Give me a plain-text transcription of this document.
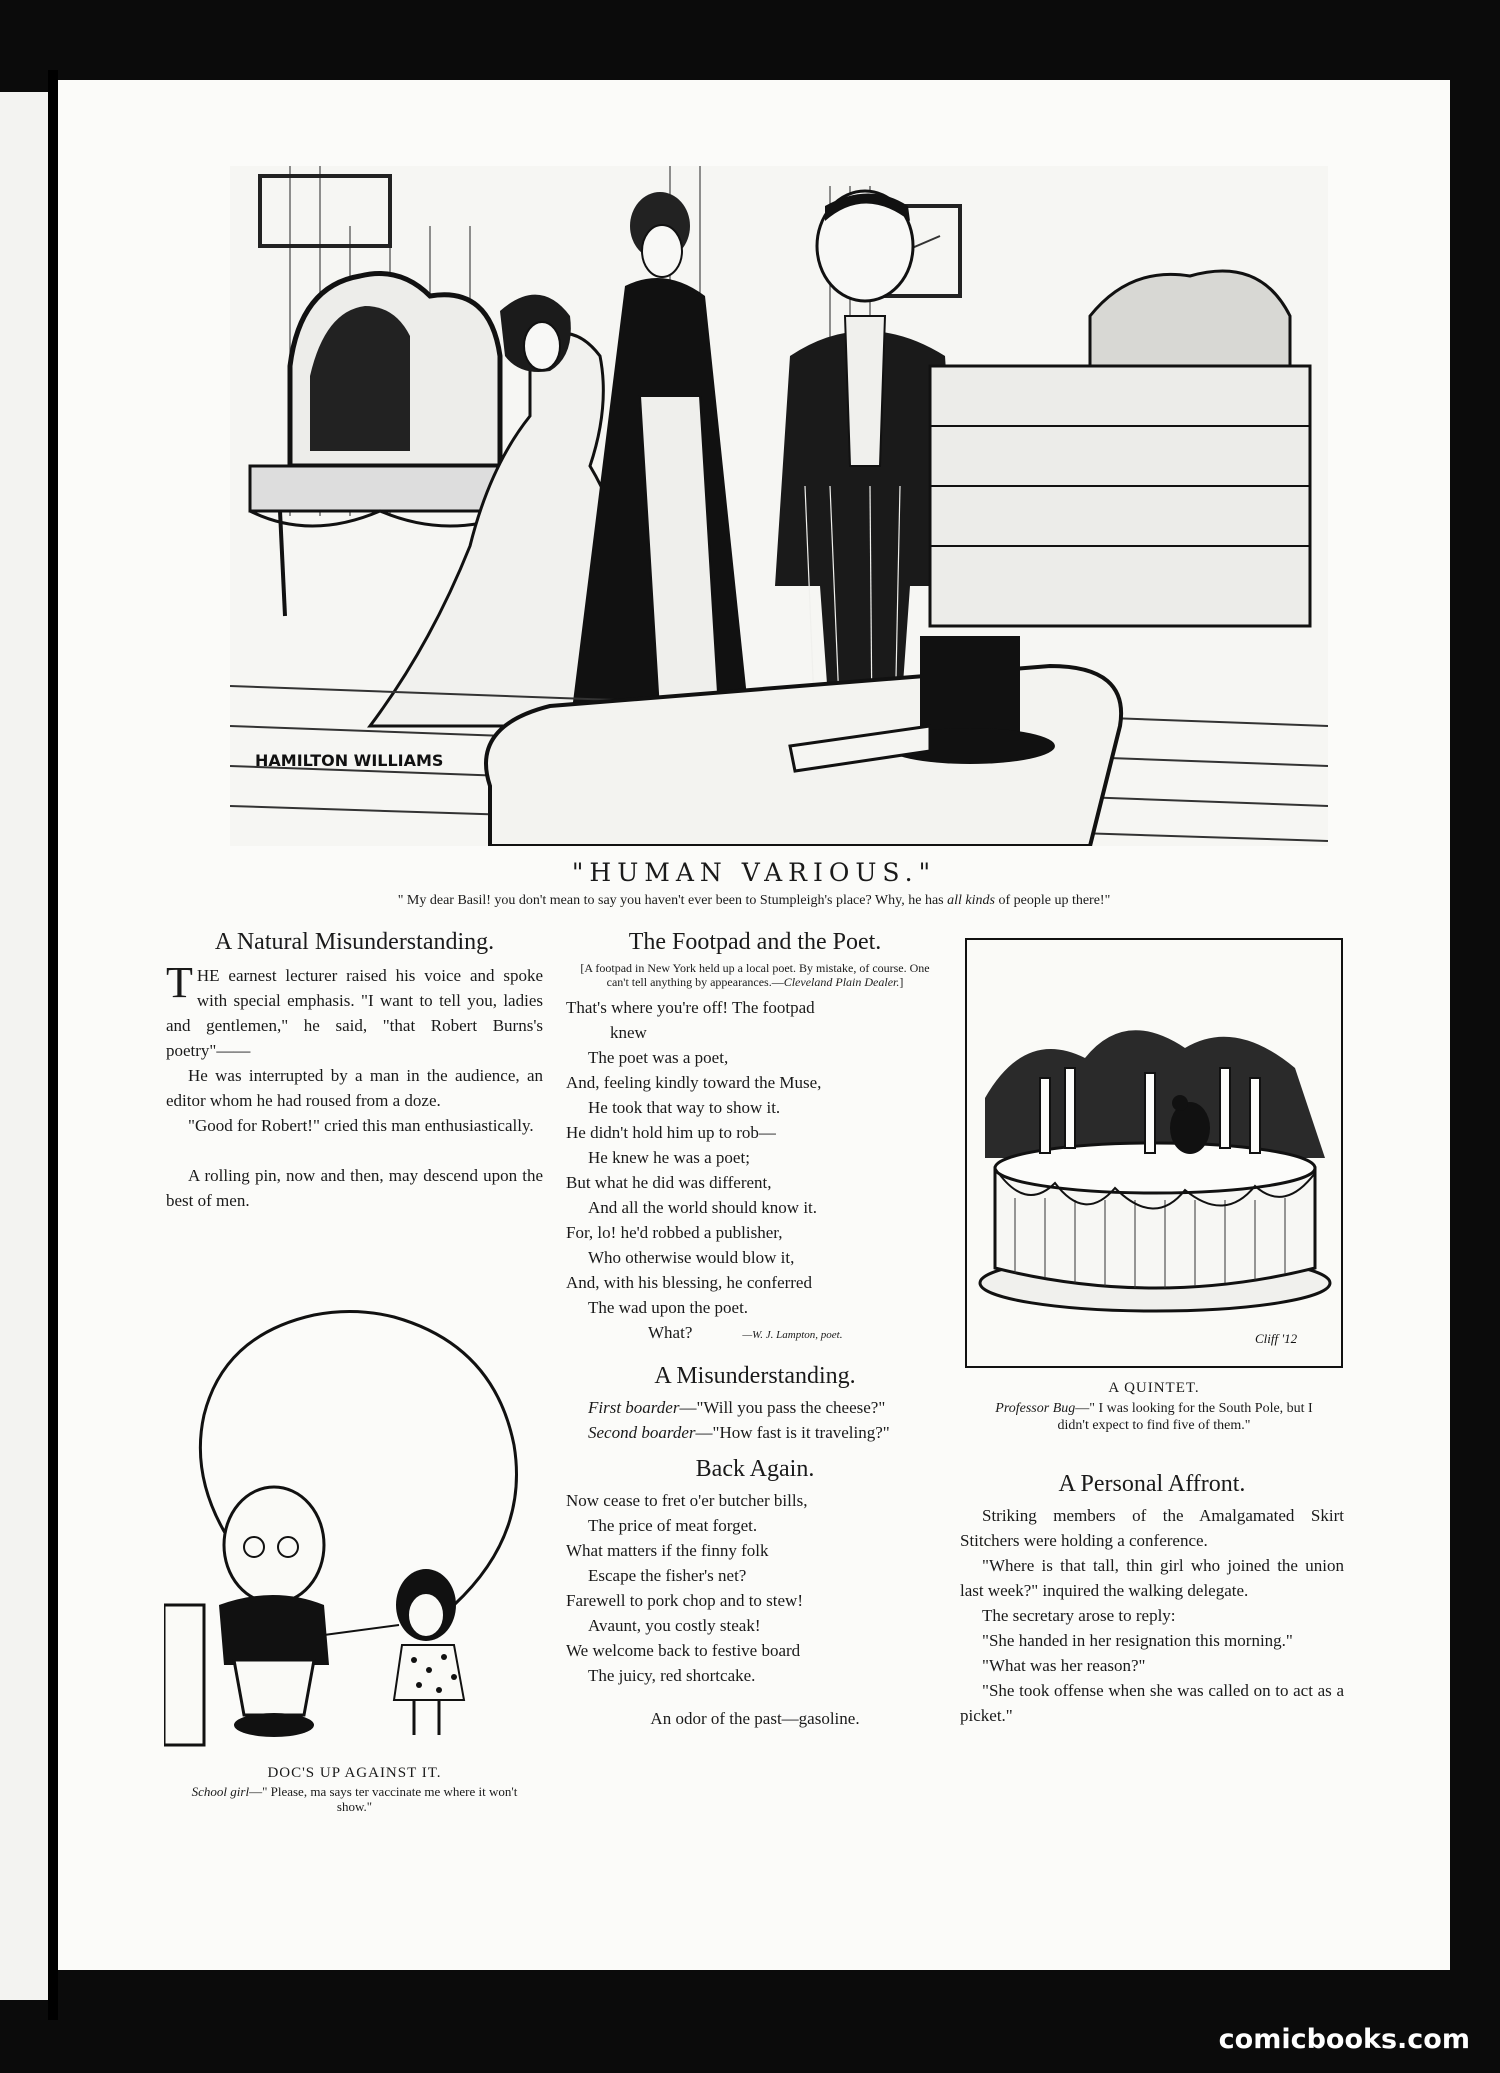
HAMILTON WILLIAMS
"HUMAN VARIOUS."
" My dear Basil! you don't mean to say you haven't ever been to Stumpleigh's place? Why, he has all kinds of people up there!"
A Natural Misunderstanding.

THE earnest lecturer raised his voice and spoke with special emphasis. "I want to tell you, ladies and gentlemen," he said, "that Robert Burns's poetry"——

He was interrupted by a man in the audience, an editor whom he had roused from a doze.

"Good for Robert!" cried this man enthusiastically.

A rolling pin, now and then, may descend upon the best of men.

DOC'S UP AGAINST IT.
School girl—" Please, ma says ter vaccinate me where it won't show."
The Footpad and the Poet.
[A footpad in New York held up a local poet. By mistake, of course. One can't tell anything by appearances.—Cleveland Plain Dealer.]

That's where you're off! The footpad

knew

The poet was a poet,

And, feeling kindly toward the Muse,

He took that way to show it.

He didn't hold him up to rob—

He knew he was a poet;

But what he did was different,

And all the world should know it.

For, lo! he'd robbed a publisher,

Who otherwise would blow it,

And, with his blessing, he conferred

The wad upon the poet.

What?	—W. J. Lampton, poet.

A Misunderstanding.

First boarder—"Will you pass the cheese?"

Second boarder—"How fast is it traveling?"

Back Again.

Now cease to fret o'er butcher bills,

The price of meat forget.

What matters if the finny folk

Escape the fisher's net?

Farewell to pork chop and to stew!

Avaunt, you costly steak!

We welcome back to festive board

The juicy, red shortcake.

An odor of the past—gasoline.

Cliff '12
A QUINTET.
Professor Bug—" I was looking for the South Pole, but I didn't expect to find five of them."
A Personal Affront.

Striking members of the Amalgamated Skirt Stitchers were holding a conference.

"Where is that tall, thin girl who joined the union last week?" inquired the walking delegate.

The secretary arose to reply:

"She handed in her resignation this morning."

"What was her reason?"

"She took offense when she was called on to act as a picket."

comicbooks.com
